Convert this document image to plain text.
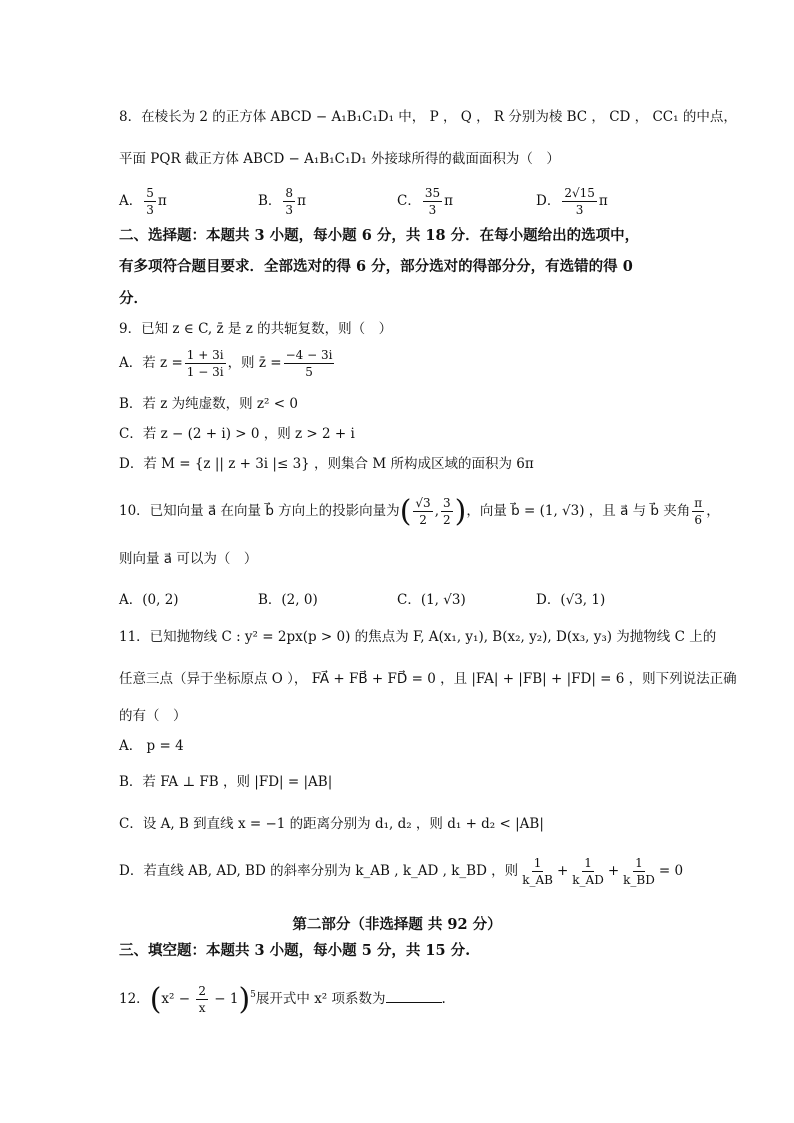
8．在棱长为 2 的正方体 ABCD − A₁B₁C₁D₁ 中， P ， Q ， R 分别为棱 BC ， CD ， CC₁ 的中点，
平面 PQR 截正方体 ABCD − A₁B₁C₁D₁ 外接球所得的截面面积为（　）
A． $\frac{5}{3}$ π	B． $\frac{8}{3}$ π	C． $\frac{35}{3}$ π	D． $\frac{2√15}{3}$ π
二、选择题：本题共 3 小题，每小题 6 分，共 18 分．在每小题给出的选项中，
有多项符合题目要求．全部选对的得 6 分，部分选对的得部分分，有选错的得 0
分．
9．已知 z ∈ C, z̄ 是 z 的共轭复数，则（　）
A．若 $z = \frac{1 + 3i}{1 - 3i}$ ，则 z̄ = $\frac{-4 - 3i}{5}$
B．若 z 为纯虚数，则 z² < 0
C．若 z − (2 + i) > 0 ，则 z > 2 + i
D．若 M = {z || z + 3i |≤ 3} ，则集合 M 所构成区域的面积为 6π
10．已知向量 a⃗ 在向量 b⃗ 方向上的投影向量为( $\frac{√3}{2}$ , $\frac{3}{2}$ )，向量 b⃗ = (1, √3) ，且 a⃗ 与 b⃗ 夹角 $\frac{\pi}{6}$ ，
则向量 a⃗ 可以为（　）
A．(0, 2)	B．(2, 0)	C．(1, √3)	D．(√3, 1)
11．已知抛物线 C : y² = 2px(p > 0) 的焦点为 F, A(x₁, y₁), B(x₂, y₂), D(x₃, y₃) 为抛物线 C 上的
任意三点（异于坐标原点 O ）， FA⃗ + FB⃗ + FD⃗ = 0 ，且 |FA| + |FB| + |FD| = 6 ，则下列说法正确
的有（　）
A． p = 4
B．若 FA ⊥ FB ，则 |FD| = |AB|
C．设 A, B 到直线 x = −1 的距离分别为 d₁, d₂ ，则 d₁ + d₂ < |AB|
D．若直线 AB, AD, BD 的斜率分别为 k_AB , k_AD , k_BD ，则 $\frac{1}{k\_AB} + \frac{1}{k\_AD} + \frac{1}{k\_BD} = 0$
第二部分（非选择题 共 92 分）
三、填空题：本题共 3 小题，每小题 5 分，共 15 分.
12．$(x^2 - \frac{2}{x} - 1)^5$展开式中 x² 项系数为	.
